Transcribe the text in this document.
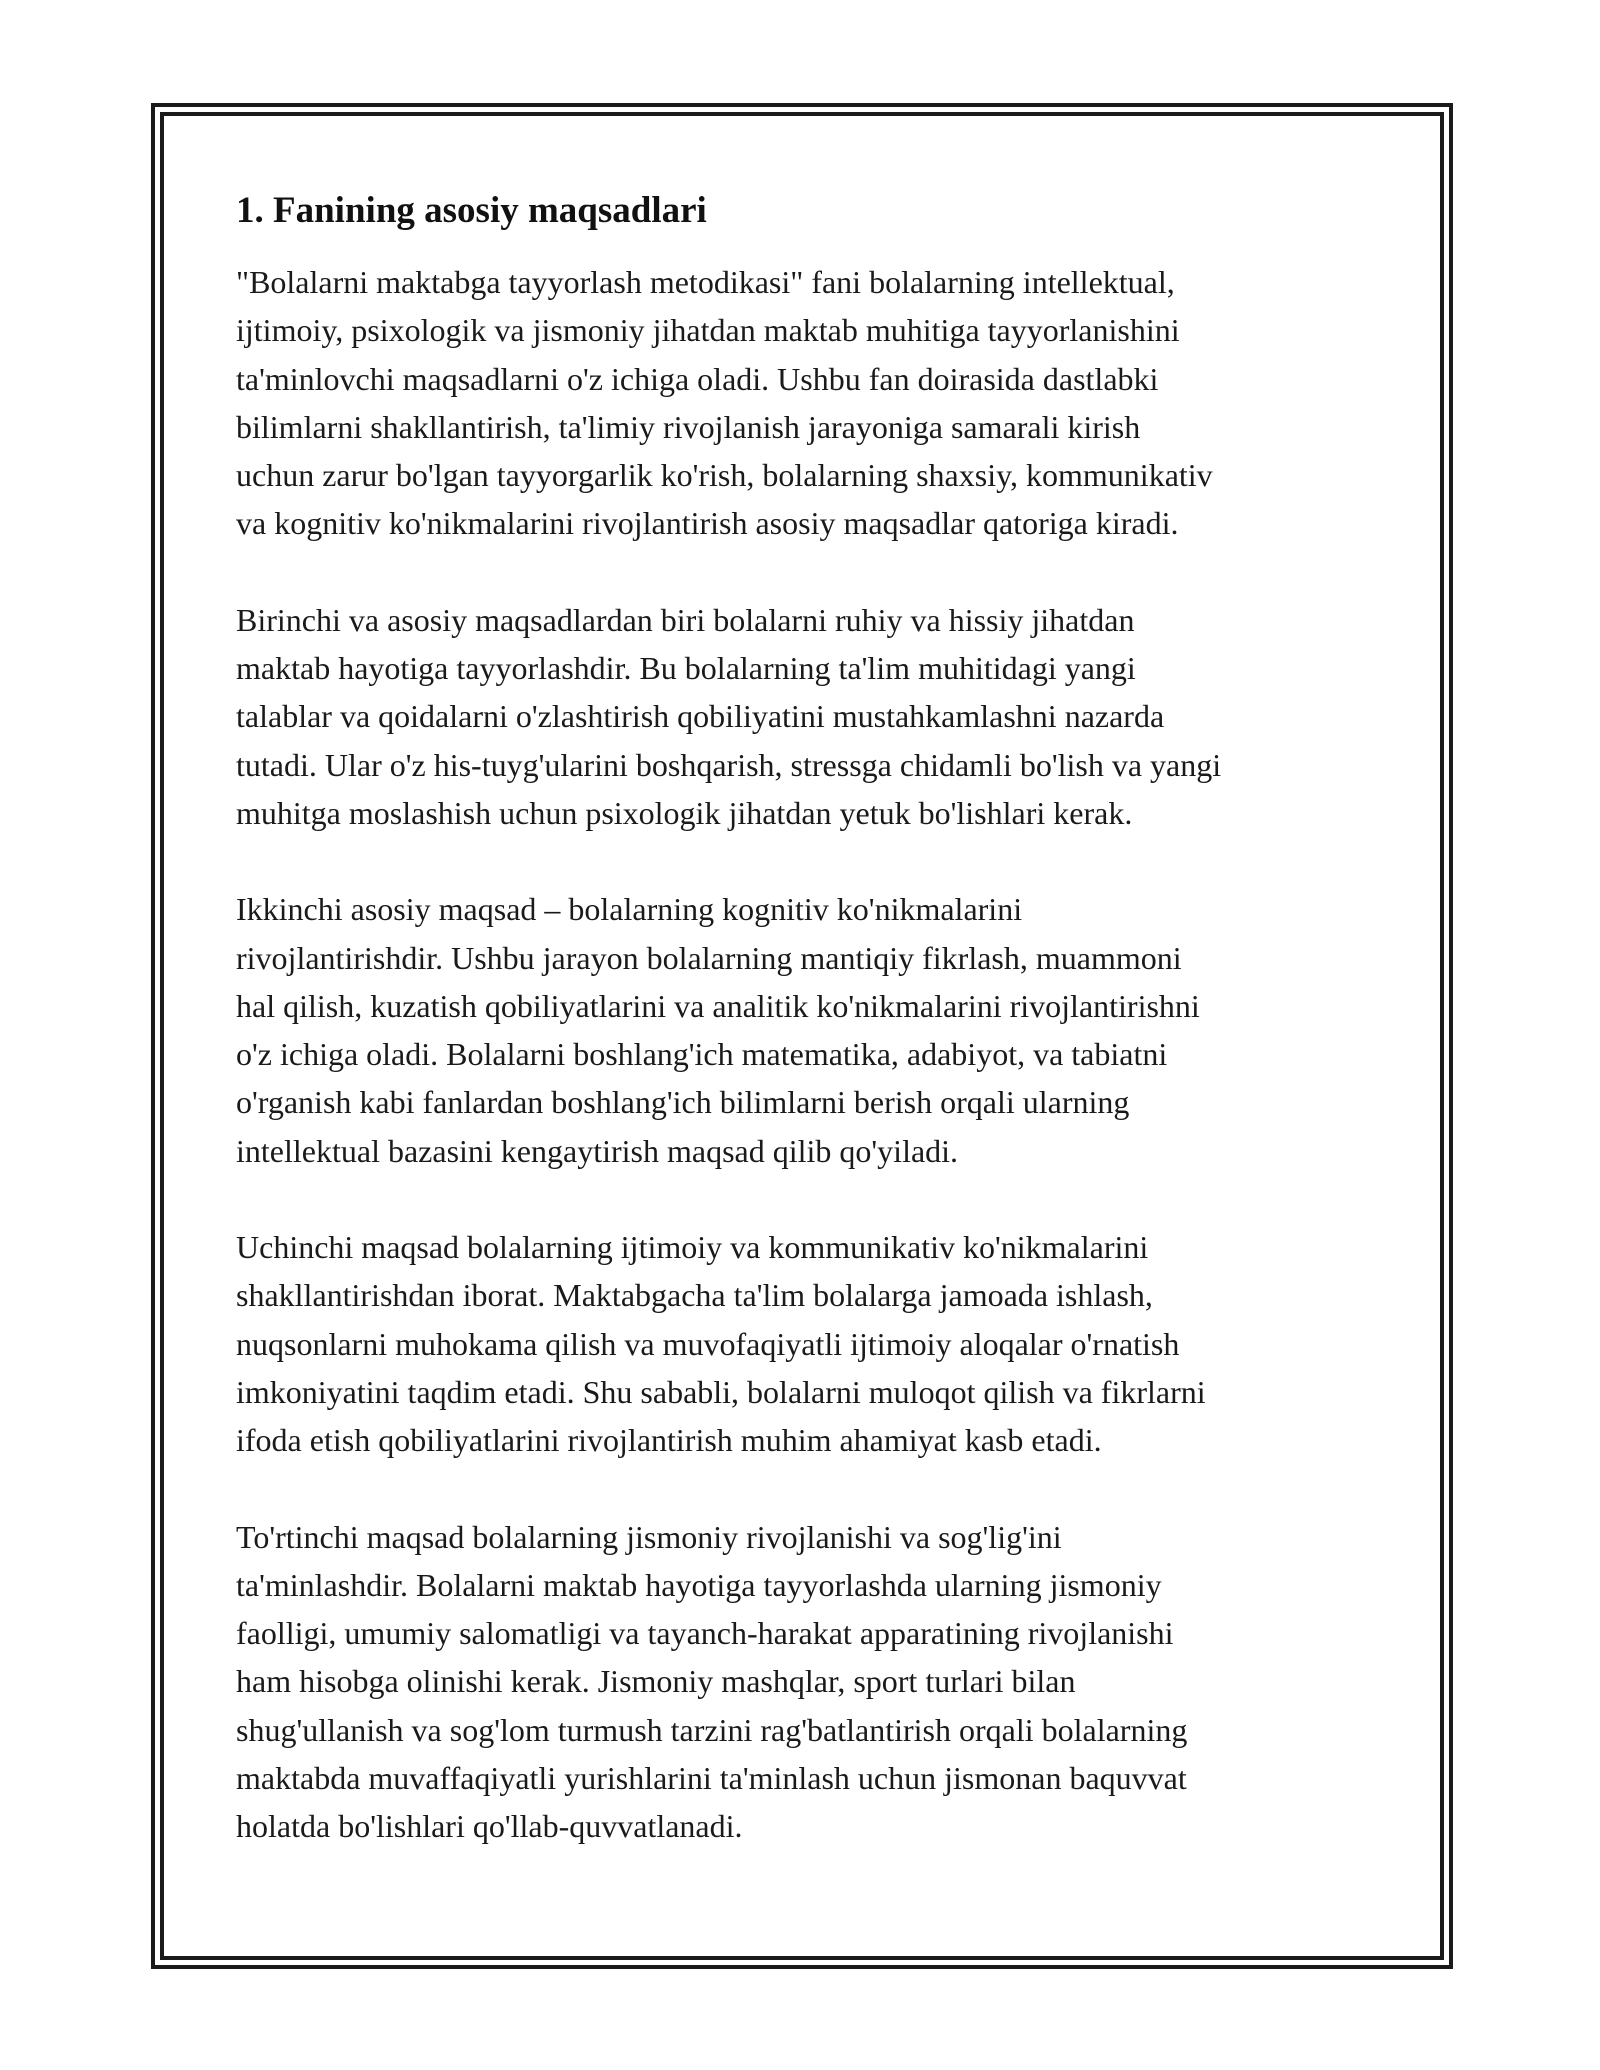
1. Fanining asosiy maqsadlari

"Bolalarni maktabga tayyorlash metodikasi" fani bolalarning intellektual,
ijtimoiy, psixologik va jismoniy jihatdan maktab muhitiga tayyorlanishini
ta'minlovchi maqsadlarni o'z ichiga oladi. Ushbu fan doirasida dastlabki
bilimlarni shakllantirish, ta'limiy rivojlanish jarayoniga samarali kirish
uchun zarur bo'lgan tayyorgarlik ko'rish, bolalarning shaxsiy, kommunikativ
va kognitiv ko'nikmalarini rivojlantirish asosiy maqsadlar qatoriga kiradi.

Birinchi va asosiy maqsadlardan biri bolalarni ruhiy va hissiy jihatdan
maktab hayotiga tayyorlashdir. Bu bolalarning ta'lim muhitidagi yangi
talablar va qoidalarni o'zlashtirish qobiliyatini mustahkamlashni nazarda
tutadi. Ular o'z his-tuyg'ularini boshqarish, stressga chidamli bo'lish va yangi
muhitga moslashish uchun psixologik jihatdan yetuk bo'lishlari kerak.

Ikkinchi asosiy maqsad – bolalarning kognitiv ko'nikmalarini
rivojlantirishdir. Ushbu jarayon bolalarning mantiqiy fikrlash, muammoni
hal qilish, kuzatish qobiliyatlarini va analitik ko'nikmalarini rivojlantirishni
o'z ichiga oladi. Bolalarni boshlang'ich matematika, adabiyot, va tabiatni
o'rganish kabi fanlardan boshlang'ich bilimlarni berish orqali ularning
intellektual bazasini kengaytirish maqsad qilib qo'yiladi.

Uchinchi maqsad bolalarning ijtimoiy va kommunikativ ko'nikmalarini
shakllantirishdan iborat. Maktabgacha ta'lim bolalarga jamoada ishlash,
nuqsonlarni muhokama qilish va muvofaqiyatli ijtimoiy aloqalar o'rnatish
imkoniyatini taqdim etadi. Shu sababli, bolalarni muloqot qilish va fikrlarni
ifoda etish qobiliyatlarini rivojlantirish muhim ahamiyat kasb etadi.

To'rtinchi maqsad bolalarning jismoniy rivojlanishi va sog'lig'ini
ta'minlashdir. Bolalarni maktab hayotiga tayyorlashda ularning jismoniy
faolligi, umumiy salomatligi va tayanch-harakat apparatining rivojlanishi
ham hisobga olinishi kerak. Jismoniy mashqlar, sport turlari bilan
shug'ullanish va sog'lom turmush tarzini rag'batlantirish orqali bolalarning
maktabda muvaffaqiyatli yurishlarini ta'minlash uchun jismonan baquvvat
holatda bo'lishlari qo'llab-quvvatlanadi.
